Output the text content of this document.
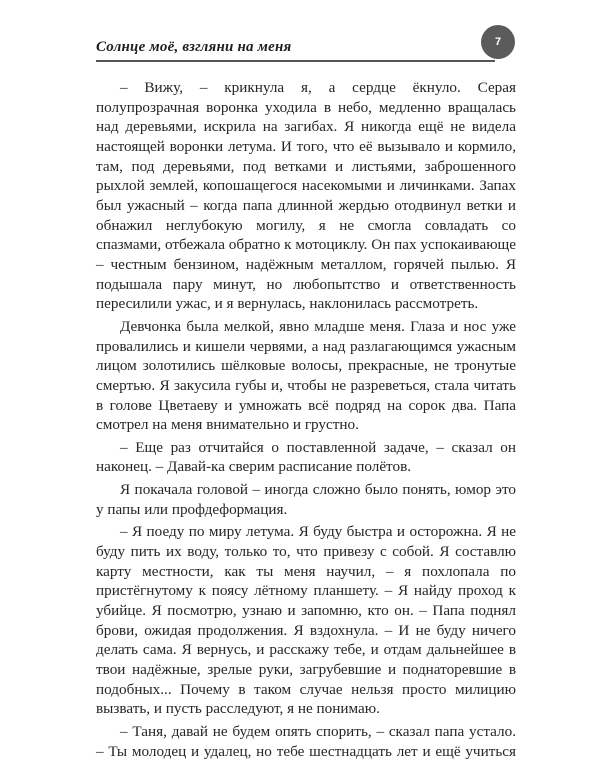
Солнце моё, взгляни на меня	7

– Вижу, – крикнула я, а сердце ёкнуло. Серая полупрозрачная воронка уходила в небо, медленно вращалась над деревьями, искрила на загибах. Я никогда ещё не видела настоящей воронки летума. И того, что её вызывало и кормило, там, под деревьями, под ветками и листьями, заброшенного рыхлой землей, копошащегося насекомыми и личинками. Запах был ужасный – когда папа длинной жердью отодвинул ветки и обнажил неглубокую могилу, я не смогла совладать со спазмами, отбежала обратно к мотоциклу. Он пах успокаивающе – честным бензином, надёжным металлом, горячей пылью. Я подышала пару минут, но любопытство и ответственность пересилили ужас, и я вернулась, наклонилась рассмотреть.

Девчонка была мелкой, явно младше меня. Глаза и нос уже провалились и кишели червями, а над разлагающимся ужасным лицом золотились шёлковые волосы, прекрасные, не тронутые смертью. Я закусила губы и, чтобы не разреветься, стала читать в голове Цветаеву и умножать всё подряд на сорок два. Папа смотрел на меня внимательно и грустно.

– Еще раз отчитайся о поставленной задаче, – сказал он наконец. – Давай-ка сверим расписание полётов.

Я покачала головой – иногда сложно было понять, юмор это у папы или профдеформация.

– Я поеду по миру летума. Я буду быстра и осторожна. Я не буду пить их воду, только то, что привезу с собой. Я составлю карту местности, как ты меня научил, – я похлопала по пристёгнутому к поясу лётному планшету. – Я найду проход к убийце. Я посмотрю, узнаю и запомню, кто он. – Папа поднял брови, ожидая продолжения. Я вздохнула. – И не буду ничего делать сама. Я вернусь, и расскажу тебе, и отдам дальнейшее в твои надёжные, зрелые руки, загрубевшие и поднаторевшие в подобных... Почему в таком случае нельзя просто милицию вызвать, и пусть расследуют, я не понимаю.

– Таня, давай не будем опять спорить, – сказал папа устало. – Ты молодец и удалец, но тебе шестнадцать лет и ещё учиться
